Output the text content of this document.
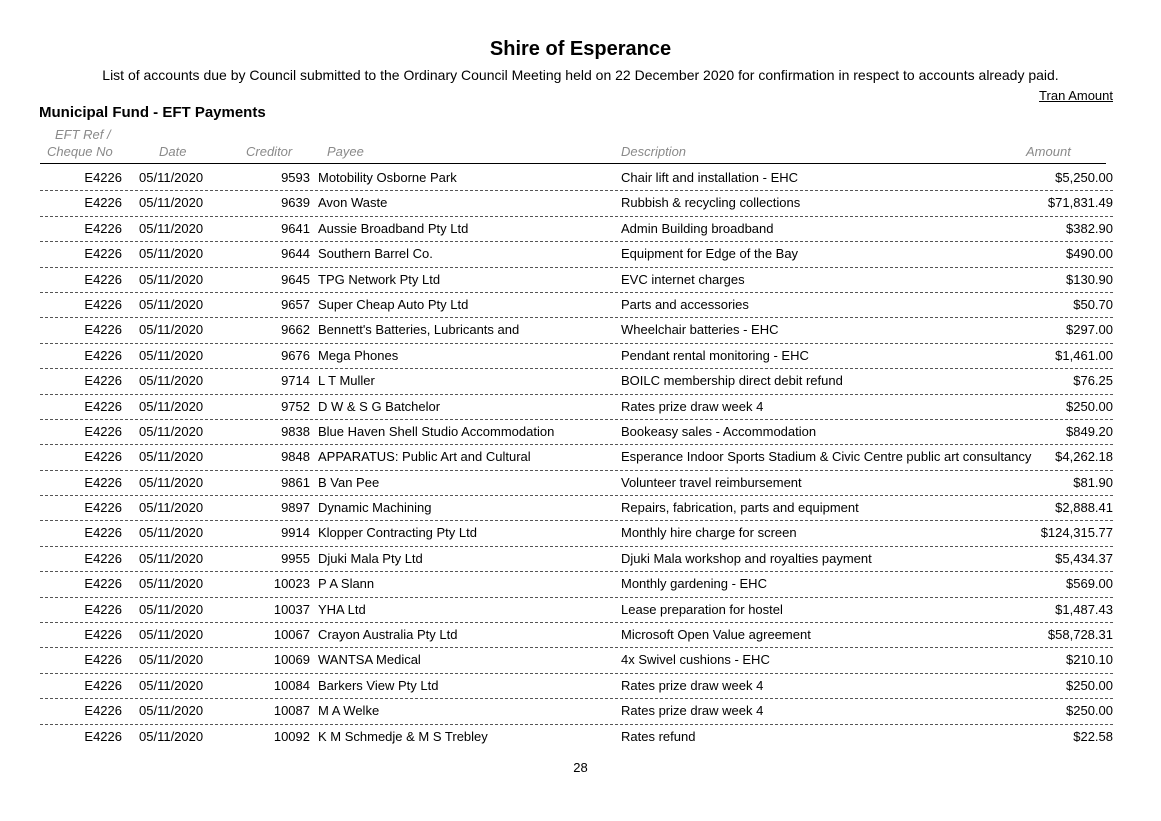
Shire of Esperance
List of accounts due by Council submitted to the Ordinary Council Meeting held on 22 December 2020 for confirmation in respect to accounts already paid.
Tran Amount
Municipal Fund - EFT Payments
EFT Ref /
Cheque No	Date	Creditor	Payee	Description	Amount
E4226 05/11/2020	9593 Motobility Osborne Park	Chair lift and installation - EHC	$5,250.00
E4226 05/11/2020	9639 Avon Waste	Rubbish & recycling collections	$71,831.49
E4226 05/11/2020	9641 Aussie Broadband Pty Ltd	Admin Building broadband	$382.90
E4226 05/11/2020	9644 Southern Barrel Co.	Equipment for Edge of the Bay	$490.00
E4226 05/11/2020	9645 TPG Network Pty Ltd	EVC internet charges	$130.90
E4226 05/11/2020	9657 Super Cheap Auto Pty Ltd	Parts and accessories	$50.70
E4226 05/11/2020	9662 Bennett's Batteries, Lubricants and	Wheelchair batteries - EHC	$297.00
E4226 05/11/2020	9676 Mega Phones	Pendant rental monitoring - EHC	$1,461.00
E4226 05/11/2020	9714 L T Muller	BOILC membership direct debit refund	$76.25
E4226 05/11/2020	9752 D W & S G Batchelor	Rates prize draw week 4	$250.00
E4226 05/11/2020	9838 Blue Haven Shell Studio Accommodation	Bookeasy sales - Accommodation	$849.20
E4226 05/11/2020	9848 APPARATUS: Public Art and Cultural	Esperance Indoor Sports Stadium & Civic Centre public art consultancy $4,262.18
E4226 05/11/2020	9861 B Van Pee	Volunteer travel reimbursement	$81.90
E4226 05/11/2020	9897 Dynamic Machining	Repairs, fabrication, parts and equipment	$2,888.41
E4226 05/11/2020	9914 Klopper Contracting Pty Ltd	Monthly hire charge for screen	$124,315.77
E4226 05/11/2020	9955 Djuki Mala Pty Ltd	Djuki Mala workshop and royalties payment	$5,434.37
E4226 05/11/2020	10023 P A Slann	Monthly gardening - EHC	$569.00
E4226 05/11/2020	10037 YHA Ltd	Lease preparation for hostel	$1,487.43
E4226 05/11/2020	10067 Crayon Australia Pty Ltd	Microsoft Open Value agreement	$58,728.31
E4226 05/11/2020	10069 WANTSA Medical	4x Swivel cushions - EHC	$210.10
E4226 05/11/2020	10084 Barkers View Pty Ltd	Rates prize draw week 4	$250.00
E4226 05/11/2020	10087 M A Welke	Rates prize draw week 4	$250.00
E4226 05/11/2020	10092 K M Schmedje & M S Trebley	Rates refund	$22.58
28
